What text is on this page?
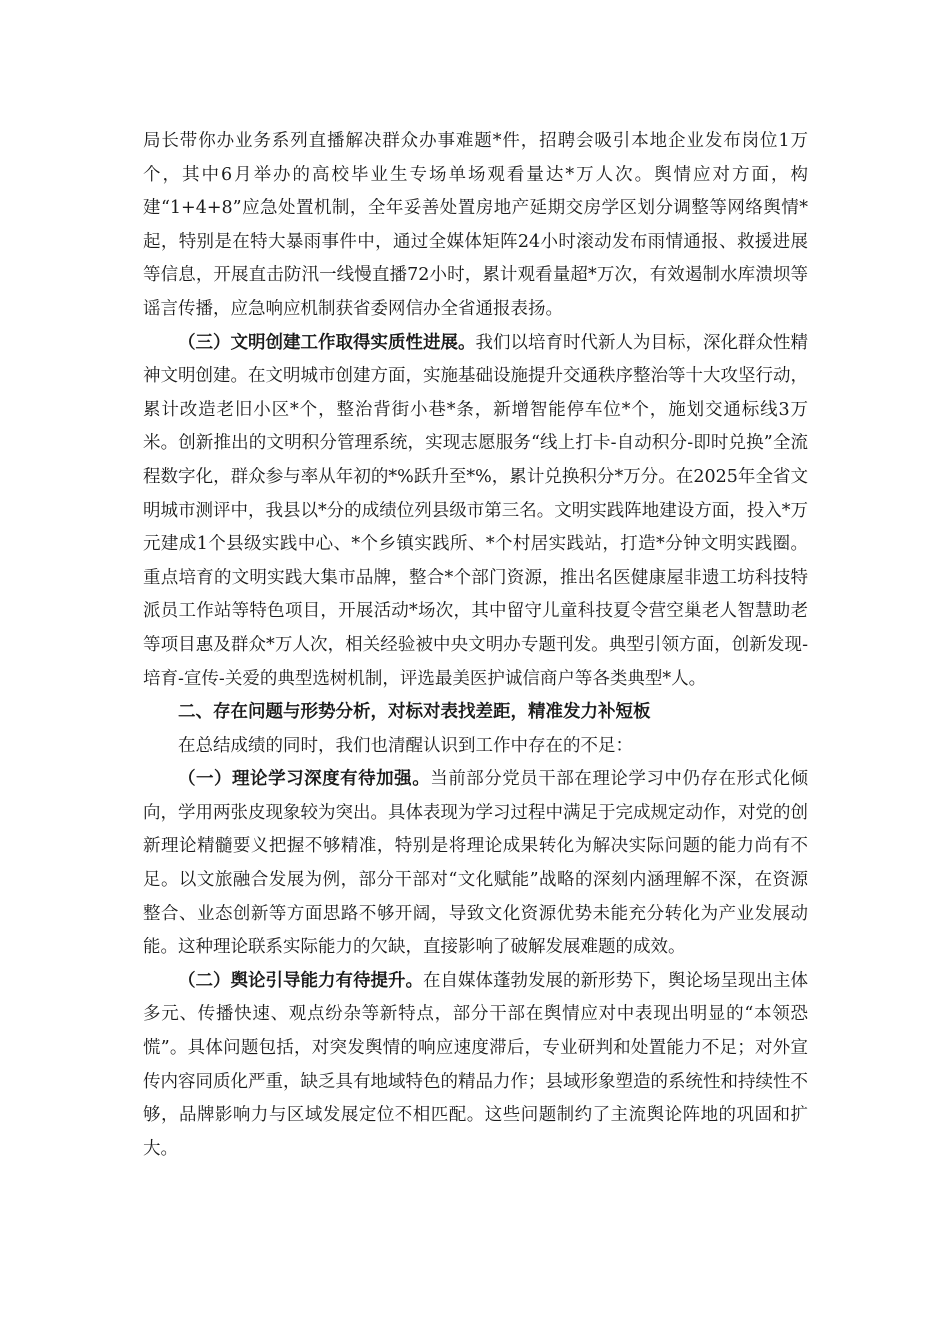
局长带你办业务系列直播解决群众办事难题*件，招聘会吸引本地企业发布岗位1万个，其中6月举办的高校毕业生专场单场观看量达*万人次。舆情应对方面，构建“1+4+8”应急处置机制，全年妥善处置房地产延期交房学区划分调整等网络舆情*起，特别是在特大暴雨事件中，通过全媒体矩阵24小时滚动发布雨情通报、救援进展等信息，开展直击防汛一线慢直播72小时，累计观看量超*万次，有效遏制水库溃坝等谣言传播，应急响应机制获省委网信办全省通报表扬。

（三）文明创建工作取得实质性进展。我们以培育时代新人为目标，深化群众性精神文明创建。在文明城市创建方面，实施基础设施提升交通秩序整治等十大攻坚行动，累计改造老旧小区*个，整治背街小巷*条，新增智能停车位*个，施划交通标线3万米。创新推出的文明积分管理系统，实现志愿服务“线上打卡-自动积分-即时兑换”全流程数字化，群众参与率从年初的*%跃升至*%，累计兑换积分*万分。在2025年全省文明城市测评中，我县以*分的成绩位列县级市第三名。文明实践阵地建设方面，投入*万元建成1个县级实践中心、*个乡镇实践所、*个村居实践站，打造*分钟文明实践圈。重点培育的文明实践大集市品牌，整合*个部门资源，推出名医健康屋非遗工坊科技特派员工作站等特色项目，开展活动*场次，其中留守儿童科技夏令营空巢老人智慧助老等项目惠及群众*万人次，相关经验被中央文明办专题刊发。典型引领方面，创新发现-培育-宣传-关爱的典型选树机制，评选最美医护诚信商户等各类典型*人。

二、存在问题与形势分析，对标对表找差距，精准发力补短板

在总结成绩的同时，我们也清醒认识到工作中存在的不足：

（一）理论学习深度有待加强。当前部分党员干部在理论学习中仍存在形式化倾向，学用两张皮现象较为突出。具体表现为学习过程中满足于完成规定动作，对党的创新理论精髓要义把握不够精准，特别是将理论成果转化为解决实际问题的能力尚有不足。以文旅融合发展为例，部分干部对“文化赋能”战略的深刻内涵理解不深，在资源整合、业态创新等方面思路不够开阔，导致文化资源优势未能充分转化为产业发展动能。这种理论联系实际能力的欠缺，直接影响了破解发展难题的成效。

（二）舆论引导能力有待提升。在自媒体蓬勃发展的新形势下，舆论场呈现出主体多元、传播快速、观点纷杂等新特点，部分干部在舆情应对中表现出明显的“本领恐慌”。具体问题包括，对突发舆情的响应速度滞后，专业研判和处置能力不足；对外宣传内容同质化严重，缺乏具有地域特色的精品力作；县域形象塑造的系统性和持续性不够，品牌影响力与区域发展定位不相匹配。这些问题制约了主流舆论阵地的巩固和扩大。
